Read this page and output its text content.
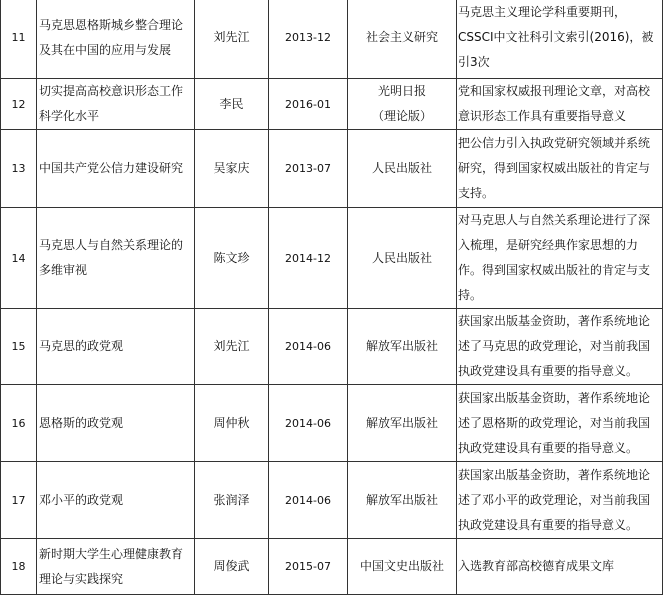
11	马克思恩格斯城乡整合理论
及其在中国的应用与发展	刘先江	2013-12	社会主义研究	马克思主义理论学科重要期刊，
CSSCI中文社科引文索引(2016)，被
引3次

12	切实提高高校意识形态工作
科学化水平	李民	2016-01	光明日报
（理论版）	党和国家权威报刊理论文章，对高校
意识形态工作具有重要指导意义

13	中国共产党公信力建设研究	吴家庆	2013-07	人民出版社	把公信力引入执政党研究领域并系统
研究，得到国家权威出版社的肯定与
支持。

14	马克思人与自然关系理论的
多维审视	陈文珍	2014-12	人民出版社	对马克思人与自然关系理论进行了深
入梳理，是研究经典作家思想的力
作。得到国家权威出版社的肯定与支
持。

15	马克思的政党观	刘先江	2014-06	解放军出版社	获国家出版基金资助，著作系统地论
述了马克思的政党理论，对当前我国
执政党建设具有重要的指导意义。

16	恩格斯的政党观	周仲秋	2014-06	解放军出版社	获国家出版基金资助，著作系统地论
述了恩格斯的政党理论，对当前我国
执政党建设具有重要的指导意义。

17	邓小平的政党观	张润泽	2014-06	解放军出版社	获国家出版基金资助，著作系统地论
述了邓小平的政党理论，对当前我国
执政党建设具有重要的指导意义。

18	新时期大学生心理健康教育
理论与实践探究	周俊武	2015-07	中国文史出版社	入选教育部高校德育成果文库
